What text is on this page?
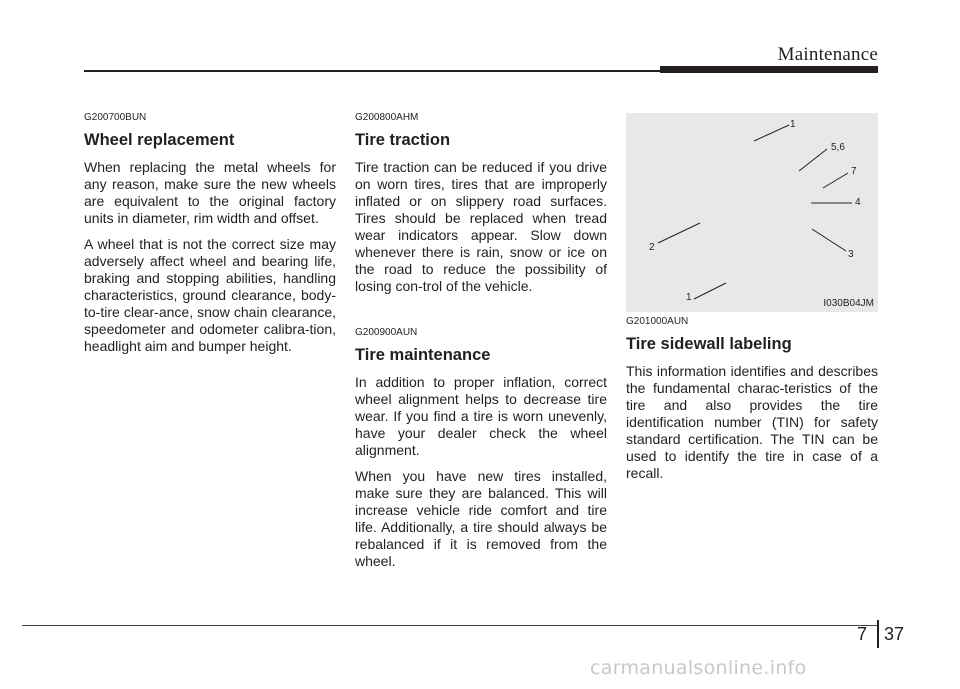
Maintenance
G200700BUN
Wheel replacement

When replacing the metal wheels for any reason, make sure the new wheels are equivalent to the original factory units in diameter, rim width and offset.

A wheel that is not the correct size may adversely affect wheel and bearing life, braking and stopping abilities, handling characteristics, ground clearance, body-to-tire clear-ance, snow chain clearance, speedometer and odometer calibra-tion, headlight aim and bumper height.

G200800AHM
Tire traction

Tire traction can be reduced if you drive on worn tires, tires that are improperly inflated or on slippery road surfaces. Tires should be replaced when tread wear indicators appear. Slow down whenever there is rain, snow or ice on the road to reduce the possibility of losing con-trol of the vehicle.

G200900AUN
Tire maintenance

In addition to proper inflation, correct wheel alignment helps to decrease tire wear. If you find a tire is worn unevenly, have your dealer check the wheel alignment.

When you have new tires installed, make sure they are balanced. This will increase vehicle ride comfort and tire life. Additionally, a tire should always be rebalanced if it is removed from the wheel.

1
5,6
7
4
3
2
1
I030B04JM
G201000AUN
Tire sidewall labeling

This information identifies and describes the fundamental charac-teristics of the tire and also provides the tire identification number (TIN) for safety standard certification. The TIN can be used to identify the tire in case of a recall.

7 37
carmanualsonline.info
